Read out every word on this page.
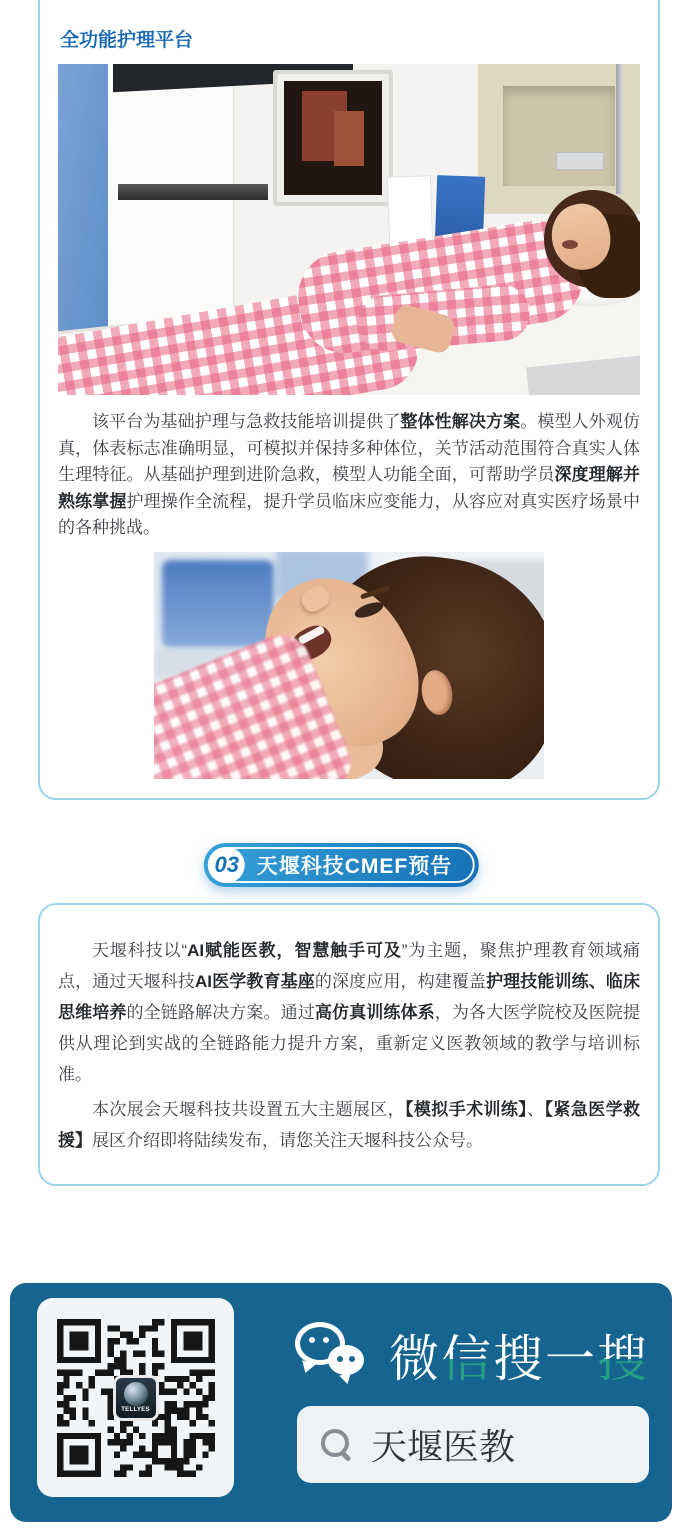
全功能护理平台

该平台为基础护理与急救技能培训提供了整体性解决方案。模型人外观仿真，体表标志准确明显，可模拟并保持多种体位，关节活动范围符合真实人体生理特征。从基础护理到进阶急救，模型人功能全面，可帮助学员深度理解并熟练掌握护理操作全流程，提升学员临床应变能力，从容应对真实医疗场景中的各种挑战。

03 天堰科技CMEF预告

天堰科技以“AI赋能医教，智慧触手可及”为主题，聚焦护理教育领域痛点，通过天堰科技AI医学教育基座的深度应用，构建覆盖护理技能训练、临床思维培养的全链路解决方案。通过高仿真训练体系，为各大医学院校及医院提供从理论到实战的全链路能力提升方案，重新定义医教领域的教学与培训标准。

本次展会天堰科技共设置五大主题展区，【模拟手术训练】、【紧急医学救援】展区介绍即将陆续发布，请您关注天堰科技公众号。

TELLYES
微信搜一搜
天堰医教
